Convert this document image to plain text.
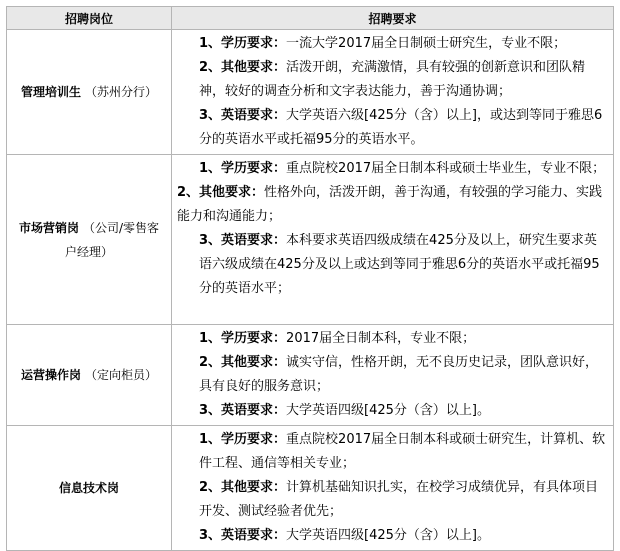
招聘岗位	招聘要求
管理培训生 （苏州分行）	1、学历要求：一流大学2017届全日制硕士研究生，专业不限；
2、其他要求：活泼开朗，充满激情，具有较强的创新意识和团队精神，较好的调查分析和文字表达能力，善于沟通协调；
3、英语要求：大学英语六级[425分（含）以上]，或达到等同于雅思6分的英语水平或托福95分的英语水平。

市场营销岗 （公司/零售客户经理）	1、学历要求：重点院校2017届全日制本科或硕士毕业生，专业不限；
2、其他要求：性格外向，活泼开朗，善于沟通，有较强的学习能力、实践能力和沟通能力；
3、英语要求：本科要求英语四级成绩在425分及以上，研究生要求英语六级成绩在425分及以上或达到等同于雅思6分的英语水平或托福95分的英语水平；

运营操作岗 （定向柜员）	1、学历要求：2017届全日制本科，专业不限；
2、其他要求：诚实守信，性格开朗，无不良历史记录，团队意识好，具有良好的服务意识；
3、英语要求：大学英语四级[425分（含）以上]。

信息技术岗	1、学历要求：重点院校2017届全日制本科或硕士研究生，计算机、软件工程、通信等相关专业；
2、其他要求：计算机基础知识扎实，在校学习成绩优异，有具体项目开发、测试经验者优先；
3、英语要求：大学英语四级[425分（含）以上]。
